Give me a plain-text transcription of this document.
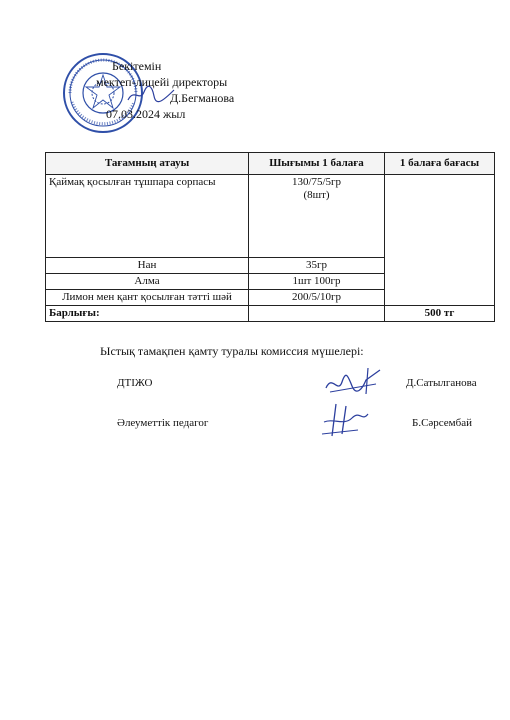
Бекітемін
мектеп-лицейі директоры
Д.Бегманова
07.03.2024 жыл
Тағамның атауы	Шығымы 1 балаға	1 балаға бағасы
Қаймақ қосылған тұшпара сорпасы	130/75/5гр
(8шт)	

Нан	35гр	
Алма	1шт 100гр	
Лимон мен қант қосылған тәтті шәй	200/5/10гр	
Барлығы:		500 тг
Ыстық тамақпен қамту туралы комиссия мүшелері:
ДТІЖО	Д.Сатылганова
Әлеуметтік педагог	Б.Сәрсембай
